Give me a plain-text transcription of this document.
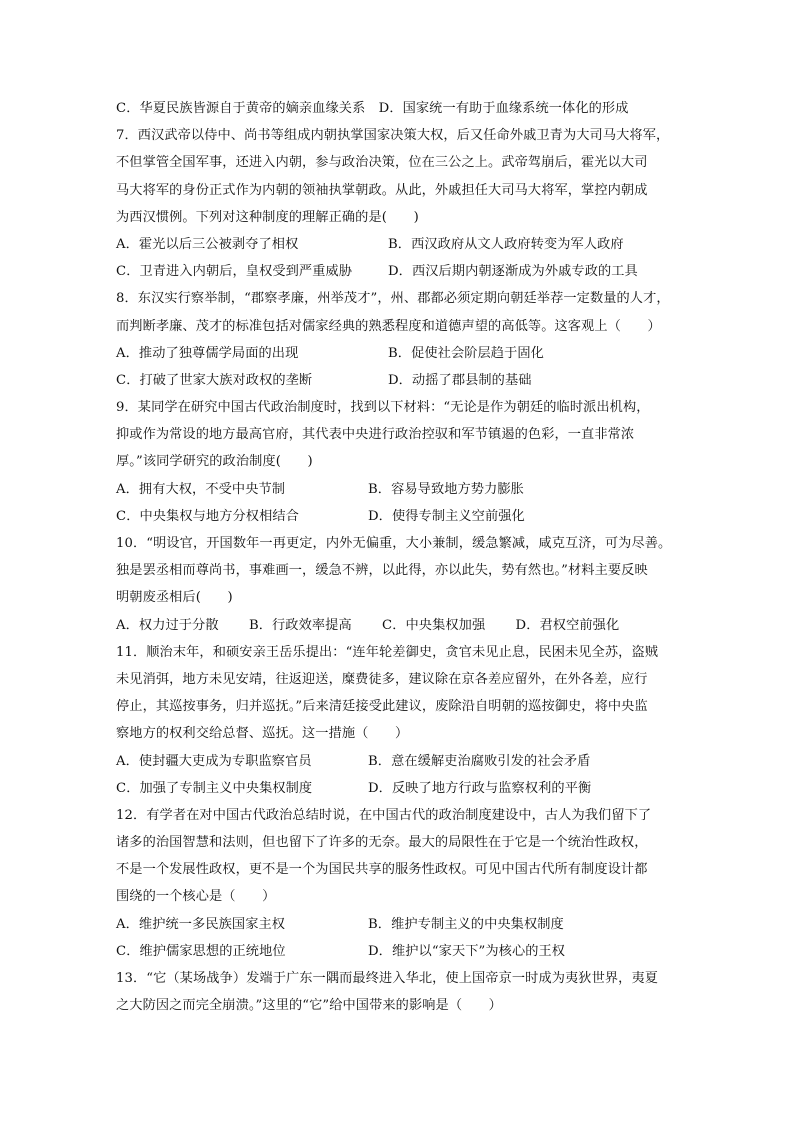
C．华夏民族皆源自于黄帝的嫡亲血缘关系　D．国家统一有助于血缘系统一体化的形成
7．西汉武帝以侍中、尚书等组成内朝执掌国家决策大权，后又任命外戚卫青为大司马大将军，
不但掌管全国军事，还进入内朝，参与政治决策，位在三公之上。武帝驾崩后，霍光以大司
马大将军的身份正式作为内朝的领袖执掌朝政。从此，外戚担任大司马大将军，掌控内朝成
为西汉惯例。下列对这种制度的理解正确的是(　　)
A．霍光以后三公被剥夺了相权	B．西汉政府从文人政府转变为军人政府
C．卫青进入内朝后，皇权受到严重威胁	D．西汉后期内朝逐渐成为外戚专政的工具
8．东汉实行察举制，“郡察孝廉，州举茂才”，州、郡都必须定期向朝廷举荐一定数量的人才，
而判断孝廉、茂才的标准包括对儒家经典的熟悉程度和道德声望的高低等。这客观上（　　）
A．推动了独尊儒学局面的出现	B．促使社会阶层趋于固化
C．打破了世家大族对政权的垄断	D．动摇了郡县制的基础
9．某同学在研究中国古代政治制度时，找到以下材料：“无论是作为朝廷的临时派出机构，
抑或作为常设的地方最高官府，其代表中央进行政治控驭和军节镇遏的色彩，一直非常浓
厚。”该同学研究的政治制度(　　)
A．拥有大权，不受中央节制	B．容易导致地方势力膨胀
C．中央集权与地方分权相结合	D．使得专制主义空前强化
10．“明设官，开国数年一再更定，内外无偏重，大小兼制，缓急繁减，咸克互济，可为尽善。
独是罢丞相而尊尚书，事难画一，缓急不辨，以此得，亦以此失，势有然也。”材料主要反映
明朝废丞相后(　　)
A．权力过于分散 B．行政效率提高 C．中央集权加强 D．君权空前强化
11．顺治末年，和硕安亲王岳乐提出：“连年轮差御史，贪官未见止息，民困未见全苏，盗贼
未见消弭，地方未见安靖，往返迎送，糜费徒多，建议除在京各差应留外，在外各差，应行
停止，其巡按事务，归并巡抚。”后来清廷接受此建议，废除沿自明朝的巡按御史，将中央监
察地方的权利交给总督、巡抚。这一措施（　　）
A．使封疆大吏成为专职监察官员	B．意在缓解吏治腐败引发的社会矛盾
C．加强了专制主义中央集权制度	D．反映了地方行政与监察权利的平衡
12．有学者在对中国古代政治总结时说，在中国古代的政治制度建设中，古人为我们留下了
诸多的治国智慧和法则，但也留下了许多的无奈。最大的局限性在于它是一个统治性政权，
不是一个发展性政权，更不是一个为国民共享的服务性政权。可见中国古代所有制度设计都
围绕的一个核心是（　　）
A．维护统一多民族国家主权	B．维护专制主义的中央集权制度
C．维护儒家思想的正统地位	D．维护以“家天下”为核心的王权
13．“它（某场战争）发端于广东一隅而最终进入华北，使上国帝京一时成为夷狄世界，夷夏
之大防因之而完全崩溃。”这里的“它”给中国带来的影响是（　　）
